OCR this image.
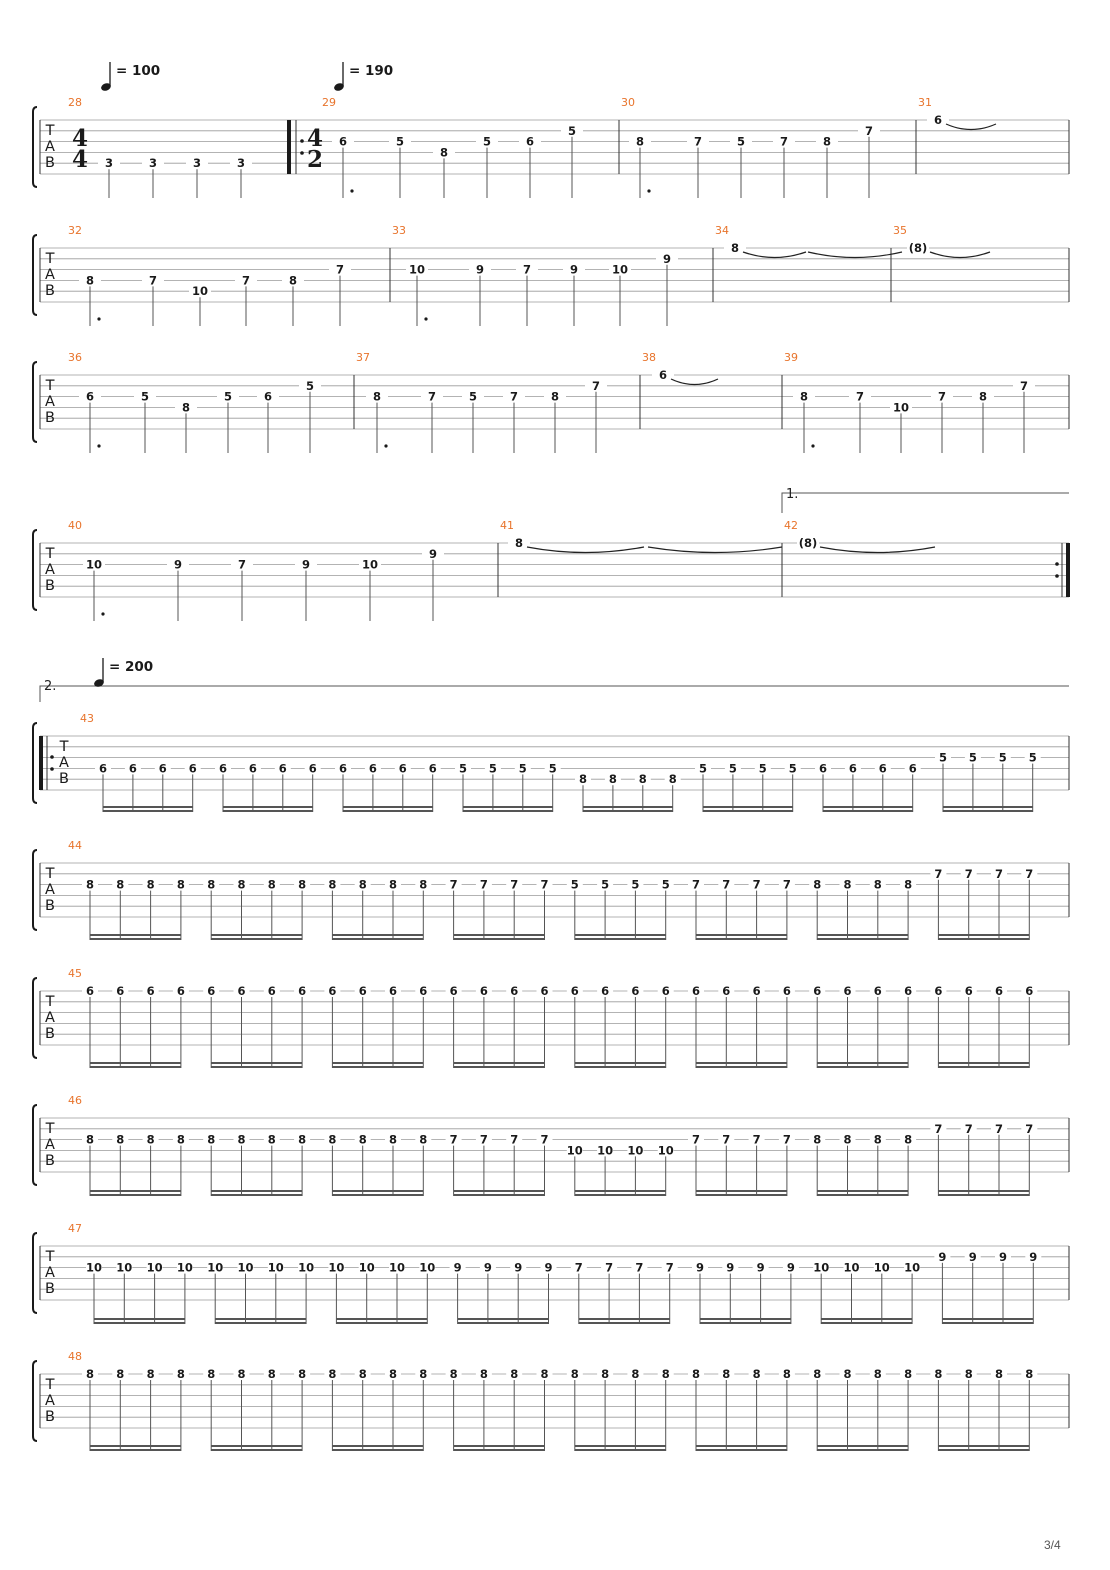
= 100	= 190
= 200
2.
T
A
B
4
4
4
2
28
3	3	3	3
29
6	5
8
5	6
5
30
8	7	5	7	8
7
31
6
T
A
B
32
8	7
10
7	8
7
33
10	9	7	9	10
9
34
8
35
(8)
T
A
B
36
6	5
8
5	6
5
37
8	7	5	7	8
7
38
6
39
8	7
10
7	8
7
T
A
B
1.
40
10	9	7	9	10
9
41
8
42
(8)
T
A
B
43
6 6 6 6 6 6 6 6 6 6 6 6 5 5 5 5
8 8 8 8
5 5 5 5 6 6 6 6
5 5 5 5
T
A
B
44
8 8 8 8 8 8 8 8 8 8 8 8 7 7 7 7 5 5 5 5 7 7 7 7 8 8 8 8
7 7 7 7
T
A
B
45
6 6 6 6 6 6 6 6 6 6 6 6 6 6 6 6 6 6 6 6 6 6 6 6 6 6 6 6 6 6 6 6
T
A
B
46
8 8 8 8 8 8 8 8 8 8 8 8 7 7 7 7
10 10 10 10
7 7 7 7 8 8 8 8
7 7 7 7
T
A
B
47
10 10 10 10 10 10 10 10 10 10 10 10 9 9 9 9 7 7 7 7 9 9 9 9 10 10 10 10
9 9 9 9
T
A
B
48
8 8 8 8 8 8 8 8 8 8 8 8 8 8 8 8 8 8 8 8 8 8 8 8 8 8 8 8 8 8 8 8
3/4
